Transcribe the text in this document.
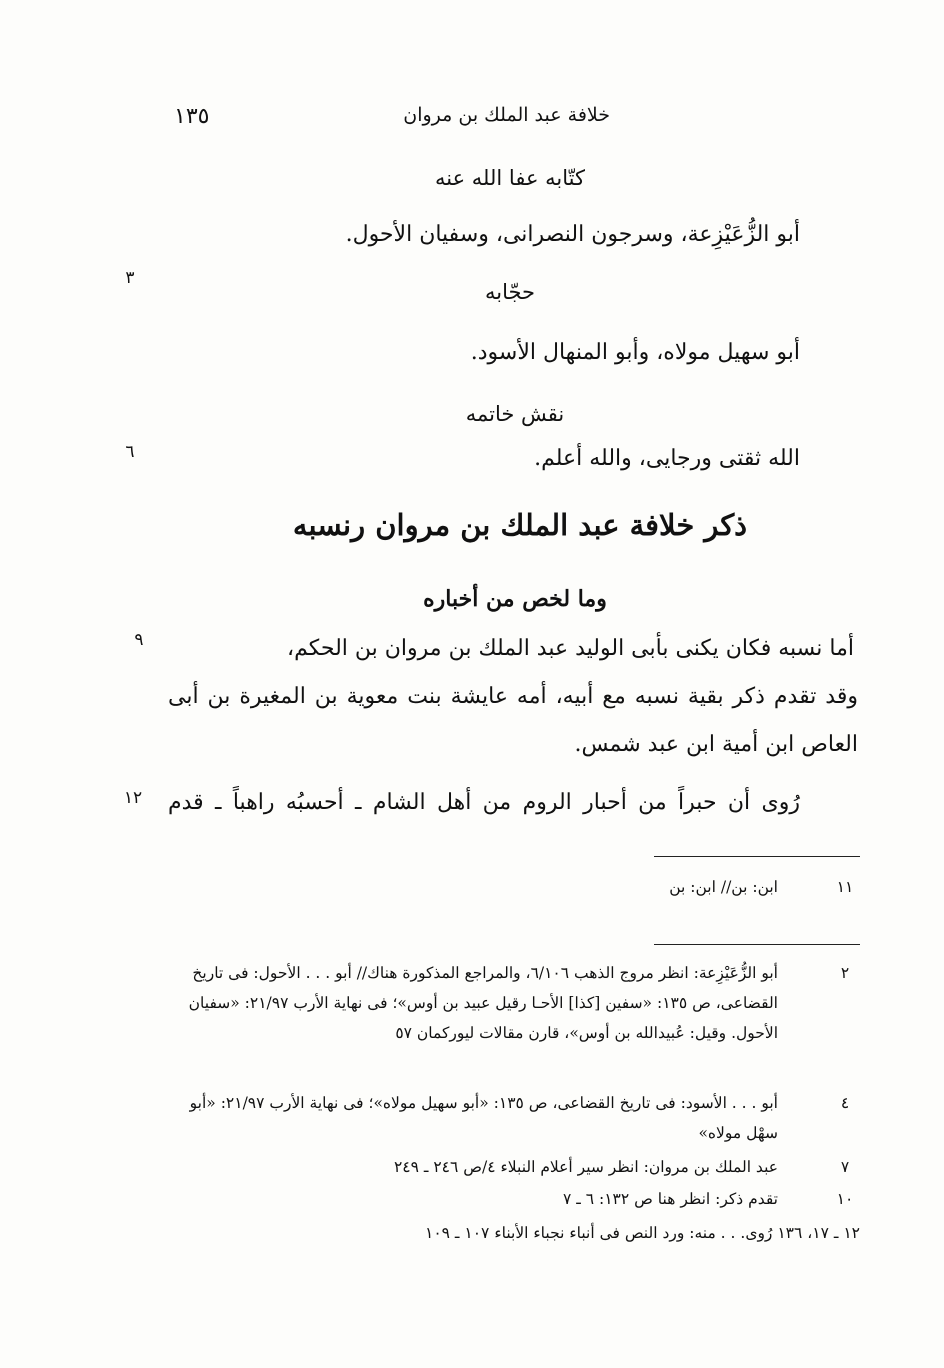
خلافة عبد الملك بن مروان
١٣٥
كتّابه عفا الله عنه
أبو الزُّعَيْزِعة، وسرجون النصرانى، وسفيان الأحول.
٣
حجّابه
أبو سهيل مولاه، وأبو المنهال الأسود.
نقش خاتمه
٦	الله ثقتى ورجايى، والله أعلم.
ذكر خلافة عبد الملك بن مروان رنسبه
وما لخص من أخباره
٩	أما نسبه فكان يكنى بأبى الوليد عبد الملك بن مروان بن الحكم،
وقد تقدم ذكر بقية نسبه مع أبيه، أمه عايشة بنت معوية بن المغيرة بن أبى
العاص ابن أمية ابن عبد شمس.
١٢ رُوى أن حبراً من أحبار الروم من أهل الشام ـ أحسبُه راهباً ـ قدم
١١
ابن: بن// ابن: بن
٢
أبو الزُّعَيْزِعة: انظر مروج الذهب ٦/١٠٦، والمراجع المذكورة هناك// أبو . . . الأحول: فى تاريخ القضاعى، ص ١٣٥: «سفين [كذا] الأحـا رقيل عبيد بن أوس»؛ فى نهاية الأرب ٢١/٩٧: «سفيان الأحول. وقيل: عُبيدالله بن أوس»، قارن مقالات ليوركمان ٥٧
٤
أبو . . . الأسود: فى تاريخ القضاعى، ص ١٣٥: «أبو سهيل مولاه»؛ فى نهاية الأرب ٢١/٩٧: «أبو سهْل مولاه»
٧
عبد الملك بن مروان: انظر سير أعلام النبلاء ٤/ص ٢٤٦ ـ ٢٤٩
١٠
تقدم ذكر: انظر هنا ص ١٣٢: ٦ ـ ٧
١٢ ـ ١٧، ١٣٦ رُوى. . . منه: ورد النص فى أنباء نجباء الأبناء ١٠٧ ـ ١٠٩
